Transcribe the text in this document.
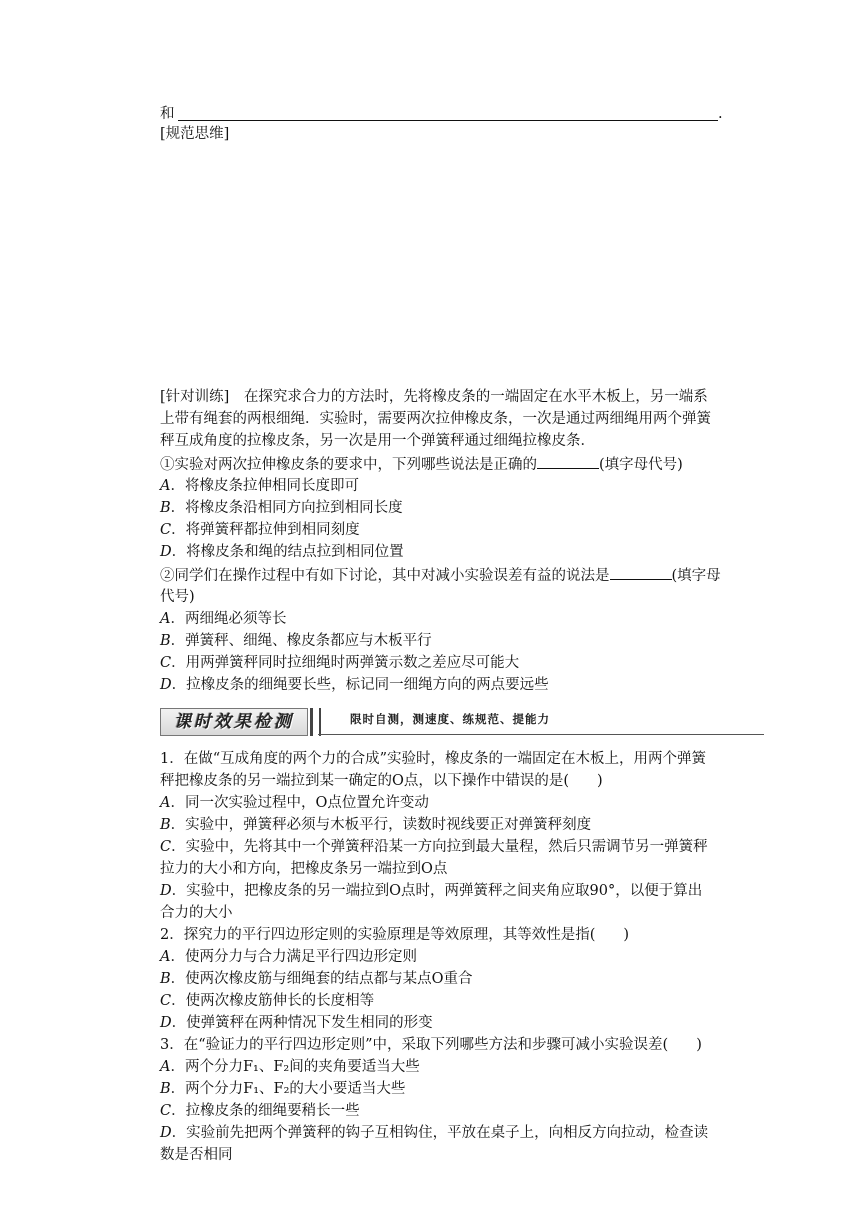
和	.
[规范思维]
[针对训练]　在探究求合力的方法时，先将橡皮条的一端固定在水平木板上，另一端系
上带有绳套的两根细绳．实验时，需要两次拉伸橡皮条，一次是通过两细绳用两个弹簧
秤互成角度的拉橡皮条，另一次是用一个弹簧秤通过细绳拉橡皮条．
①实验对两次拉伸橡皮条的要求中，下列哪些说法是正确的	(填字母代号)
A．将橡皮条拉伸相同长度即可
B．将橡皮条沿相同方向拉到相同长度
C．将弹簧秤都拉伸到相同刻度
D．将橡皮条和绳的结点拉到相同位置
②同学们在操作过程中有如下讨论，其中对减小实验误差有益的说法是	(填字母
代号)
A．两细绳必须等长
B．弹簧秤、细绳、橡皮条都应与木板平行
C．用两弹簧秤同时拉细绳时两弹簧示数之差应尽可能大
D．拉橡皮条的细绳要长些，标记同一细绳方向的两点要远些
课时效果检测	限时自测，测速度、练规范、提能力
1．在做“互成角度的两个力的合成”实验时，橡皮条的一端固定在木板上，用两个弹簧
秤把橡皮条的另一端拉到某一确定的O点，以下操作中错误的是( )
A．同一次实验过程中，O点位置允许变动
B．实验中，弹簧秤必须与木板平行，读数时视线要正对弹簧秤刻度
C．实验中，先将其中一个弹簧秤沿某一方向拉到最大量程，然后只需调节另一弹簧秤
拉力的大小和方向，把橡皮条另一端拉到O点
D．实验中，把橡皮条的另一端拉到O点时，两弹簧秤之间夹角应取90°，以便于算出
合力的大小
2．探究力的平行四边形定则的实验原理是等效原理，其等效性是指( )
A．使两分力与合力满足平行四边形定则
B．使两次橡皮筋与细绳套的结点都与某点O重合
C．使两次橡皮筋伸长的长度相等
D．使弹簧秤在两种情况下发生相同的形变
3．在“验证力的平行四边形定则”中，采取下列哪些方法和步骤可减小实验误差( )
A．两个分力F₁、F₂间的夹角要适当大些
B．两个分力F₁、F₂的大小要适当大些
C．拉橡皮条的细绳要稍长一些
D．实验前先把两个弹簧秤的钩子互相钩住，平放在桌子上，向相反方向拉动，检查读
数是否相同
